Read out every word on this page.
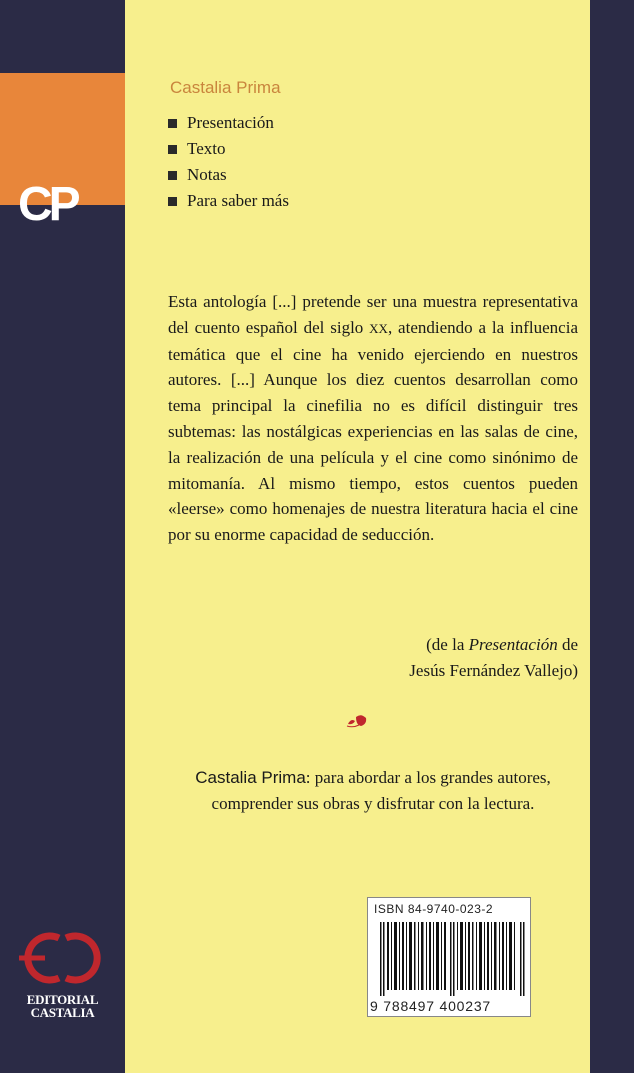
CP
Castalia Prima
Presentación
Texto
Notas
Para saber más

Esta antología [...] pretende ser una muestra representativa del cuento español del siglo XX, atendiendo a la influencia temática que el cine ha venido ejerciendo en nuestros autores. [...] Aunque los diez cuentos desarrollan como tema principal la cinefilia no es difícil distinguir tres subtemas: las nostálgicas experiencias en las salas de cine, la realización de una película y el cine como sinónimo de mitomanía. Al mismo tiempo, estos cuentos pueden «leerse» como homenajes de nuestra literatura hacia el cine por su enorme capacidad de seducción.

(de la Presentación de
Jesús Fernández Vallejo)
Castalia Prima: para abordar a los grandes autores, comprender sus obras y disfrutar con la lectura.
ISBN 84-9740-023-2
9 788497 400237
EDITORIAL
CASTALIA
